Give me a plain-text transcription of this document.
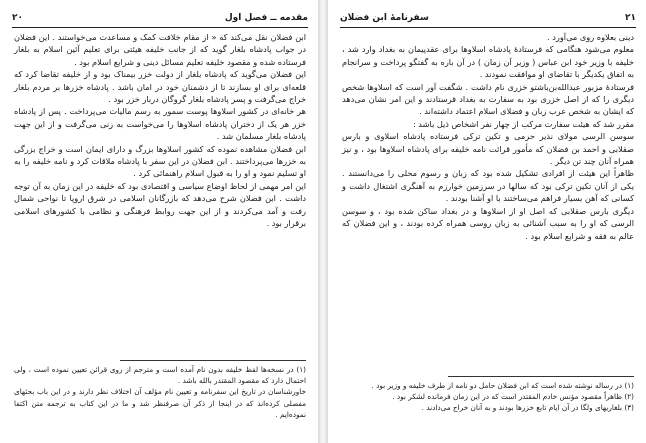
مقدمه ــ فصل اول
۲۰

ابن فضلان نقل می‌کند که « از مقام خلافت کمک و مساعدت می‌خواستند . این فضلان در جواب پادشاه بلغار گوید که از جانب خلیفه هیئتی برای تعلیم آئین اسلام به بلغار فرستاده شده و مقصود خلیفه تعلیم مسائل دینی و شرایع اسلام بود .

این فضلان می‌گوید که پادشاه بلغار از دولت خزر بیمناک بود و از خلیفه تقاضا کرد که قلعه‌ای برای او بسازند تا از دشمنان خود در امان باشد . پادشاه خزرها بر مردم بلغار خراج می‌گرفت و پسر پادشاه بلغار گروگان دربار خزر بود .

هر خانه‌ای در کشور اسلاوها پوست سمور به رسم مالیات می‌پرداخت . پس از پادشاه خزر هر یک از دختران پادشاه اسلاوها را می‌خواست به زنی می‌گرفت و از این جهت پادشاه بلغار مسلمان شد .

ابن فضلان مشاهده نموده که کشور اسلاوها بزرگ و دارای ایمان است و خراج بزرگی به خزرها می‌پرداختند . ابن فضلان در این سفر با پادشاه ملاقات کرد و نامه خلیفه را به او تسلیم نمود و او را به قبول اسلام راهنمائی کرد .

این امر مهمی از لحاظ اوضاع سیاسی و اقتصادی بود که خلیفه در این زمان به آن توجه داشت . ابن فضلان شرح می‌دهد که بازرگانان اسلامی در شرق اروپا تا نواحی شمال رفت و آمد می‌کردند و از این جهت روابط فرهنگی و نظامی با کشورهای اسلامی برقرار بود .

(۱) در نسخه‌ها لفظ خلیفه بدون نام آمده است و مترجم از روی قرائن تعیین نموده است ، ولی احتمال دارد که مقصود المقتدر بالله باشد .

خاورشناسان در تاریخ این سفرنامه و تعیین نام مؤلف آن اختلاف نظر دارند و در این باب بحثهای مفصلی کرده‌اند که در اینجا از ذکر آن صرفنظر شد و ما در این کتاب به ترجمه متن اکتفا نموده‌ایم .

۲۱
سفرنامهٔ ابن فضلان

دینی بعلاوه روی می‌آورد .

معلوم می‌شود هنگامی که فرستادهٔ پادشاه اسلاوها برای عقدپیمان به بغداد وارد شد ، خلیفه با وزیر خود ابن عباس ( وزیر آن زمان ) در آن باره به گفتگو پرداخت و سرانجام به اتفاق یکدیگر با تقاضای او موافقت نمودند .

فرستادهٔ مزبور عبدالله‌بن‌باشتو خزری نام داشت . شگفت آور است که اسلاوها شخص دیگری را که از اصل خزری بود به سفارت به بغداد فرستادند و این امر نشان می‌دهد که ایشان به شخص عرب زبان و فضلای اسلام اعتماد داشته‌اند .

مقرر شد که هیئت سفارت مرکب از چهار نفر اشخاص ذیل باشد :

سوسن الرسی مولای نذیر حرمی و تکین ترکی فرستاده پادشاه اسلاوی و بارس صقلابی و احمد بن فضلان که مأمور قرائت نامه خلیفه برای پادشاه اسلاوها بود ، و نیز همراه آنان چند تن دیگر .

ظاهراً این هیئت از افرادی تشکیل شده بود که زبان و رسوم محلی را می‌دانستند . یکی از آنان تکین ترکی بود که سالها در سرزمین خوارزم به آهنگری اشتغال داشت و کسانی که آهن بسیار فراهم می‌ساختند با او آشنا بودند .

دیگری بارس صقلابی که اصل او از اسلاوها و در بغداد ساکن شده بود ، و سوسن الرسی که او را به سبب آشنائی به زبان روسی همراه کرده بودند ، و این فضلان که عالم به فقه و شرایع اسلام بود .

(۱) در رساله نوشته شده است که ابن فضلان حامل دو نامه از طرف خلیفه و وزیر بود .

(۲) ظاهراً مقصود مؤنس خادم المقتدر است که در این زمان فرمانده لشکر بود .

(۳) بلغاریهای ولگا در آن ایام تابع خزرها بودند و به آنان خراج می‌دادند .
